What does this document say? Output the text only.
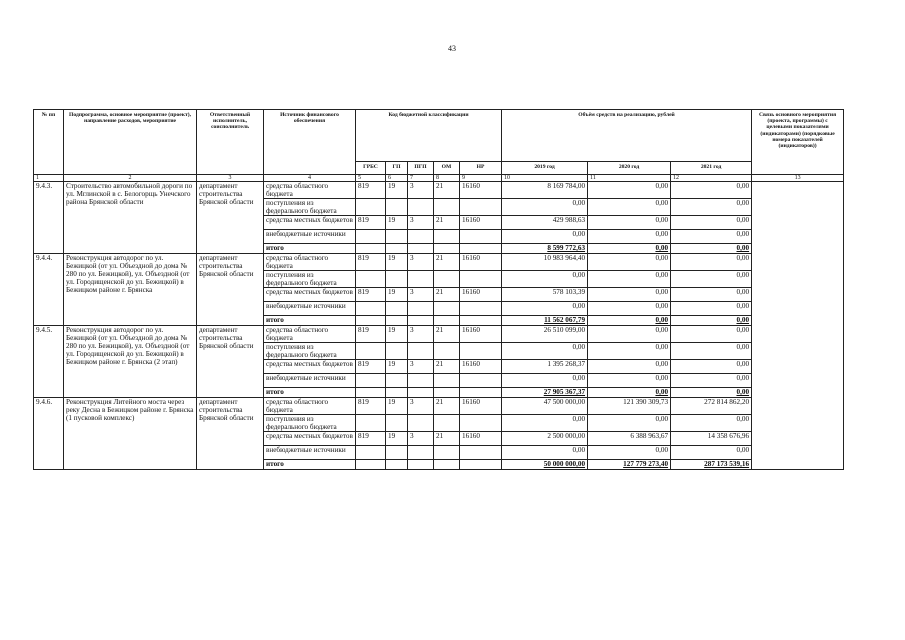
43
№ пп	Подпрограмма, основное мероприятие (проект), направление расходов, мероприятие	Ответственный исполнитель, соисполнитель	Источник финансового обеспечения	Код бюджетной классификации					Объём средств на реализацию, рублей			Связь основного мероприятия (проекта, программы) с целевыми показателями (индикаторами) (порядковые номера показателей (индикаторов))
				ГРБС	ГП	ПГП	ОМ	НР	2019 год	2020 год	2021 год	
1	2	3	4	5	6	7	8	9	10	11	12	13
9.4.3.	Строительство автомобильной дороги по ул. Мглинской в с. Белогорщь Унечского района Брянской области	департамент строительства Брянской области	средства областного бюджета	819	19	3	21	16160	8 169 784,00	0,00	0,00	
			поступления из федерального бюджета						0,00	0,00	0,00	
			средства местных бюджетов	819	19	3	21	16160	429 988,63	0,00	0,00	
			внебюджетные источники						0,00	0,00	0,00	
			итого						8 599 772,63	0,00	0,00	
9.4.4.	Реконструкция автодорог по ул. Бежицкой (от ул. Объездной до дома № 280 по ул. Бежицкой), ул. Объездной (от ул. Городищенской до ул. Бежицкой) в Бежицком районе г. Брянска	департамент строительства Брянской области	средства областного бюджета	819	19	3	21	16160	10 983 964,40	0,00	0,00	
			поступления из федерального бюджета						0,00	0,00	0,00	
			средства местных бюджетов	819	19	3	21	16160	578 103,39	0,00	0,00	
			внебюджетные источники						0,00	0,00	0,00	
			итого						11 562 067,79	0,00	0,00	
9.4.5.	Реконструкция автодорог по ул. Бежицкой (от ул. Объездной до дома № 280 по ул. Бежицкой), ул. Объездной (от ул. Городищенской до ул. Бежицкой) в Бежицком районе г. Брянска (2 этап)	департамент строительства Брянской области	средства областного бюджета	819	19	3	21	16160	26 510 099,00	0,00	0,00	
			поступления из федерального бюджета						0,00	0,00	0,00	
			средства местных бюджетов	819	19	3	21	16160	1 395 268,37	0,00	0,00	
			внебюджетные источники						0,00	0,00	0,00	
			итого						27 905 367,37	0,00	0,00	
9.4.6.	Реконструкция Литейного моста через реку Десна в Бежицком районе г. Брянска (1 пусковой комплекс)	департамент строительства Брянской области	средства областного бюджета	819	19	3	21	16160	47 500 000,00	121 390 309,73	272 814 862,20	
			поступления из федерального бюджета						0,00	0,00	0,00	
			средства местных бюджетов	819	19	3	21	16160	2 500 000,00	6 388 963,67	14 358 676,96	
			внебюджетные источники						0,00	0,00	0,00	
			итого						50 000 000,00	127 779 273,40	287 173 539,16	
